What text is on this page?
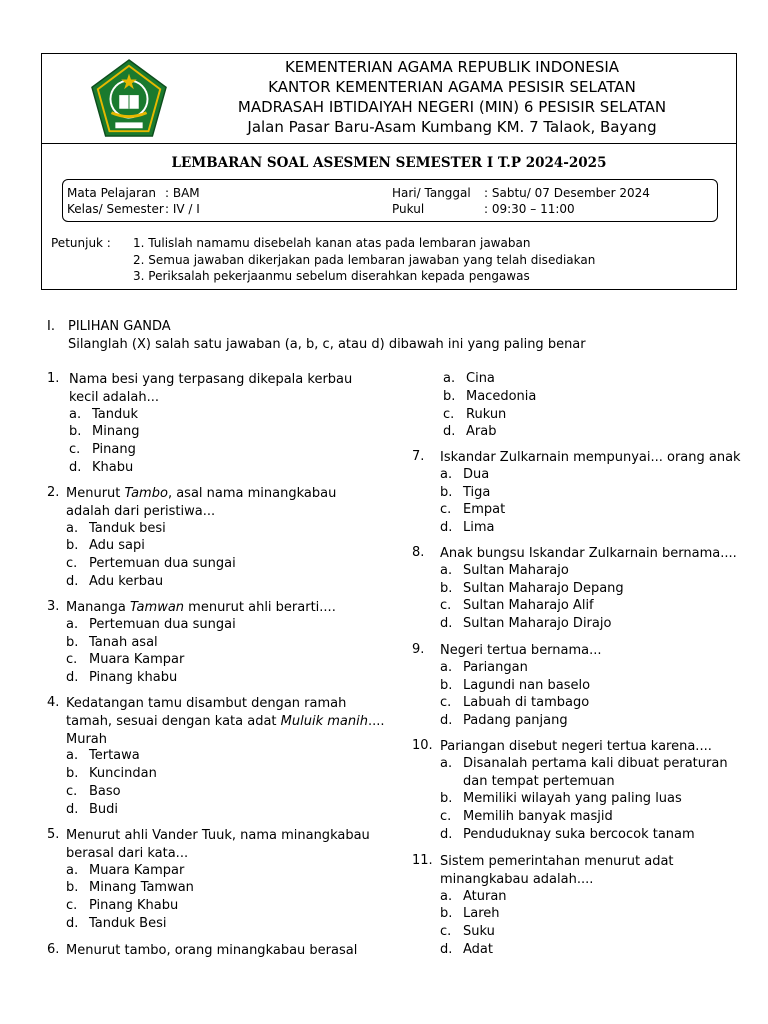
KEMENTERIAN AGAMA REPUBLIK INDONESIA
KANTOR KEMENTERIAN AGAMA PESISIR SELATAN
MADRASAH IBTIDAIYAH NEGERI (MIN) 6 PESISIR SELATAN
Jalan Pasar Baru-Asam Kumbang KM. 7 Talaok, Bayang
LEMBARAN SOAL ASESMEN SEMESTER I T.P 2024-2025
Mata Pelajaran : BAM
Kelas/ Semester : IV / I
Hari/ Tanggal : Sabtu/ 07 Desember 2024
Pukul	: 09:30 – 11:00
Petunjuk :	1. Tulislah namamu disebelah kanan atas pada lembaran jawaban
2. Semua jawaban dikerjakan pada lembaran jawaban yang telah disediakan
3. Periksalah pekerjaanmu sebelum diserahkan kepada pengawas
I. PILIHAN GANDA
Silanglah (X) salah satu jawaban (a, b, c, atau d) dibawah ini yang paling benar
1. Nama besi yang terpasang dikepala kerbau
kecil adalah...
a. Tanduk
b. Minang
c. Pinang
d. Khabu
2. Menurut Tambo, asal nama minangkabau
adalah dari peristiwa...
a. Tanduk besi
b. Adu sapi
c. Pertemuan dua sungai
d. Adu kerbau
3. Mananga Tamwan menurut ahli berarti....
a. Pertemuan dua sungai
b. Tanah asal
c. Muara Kampar
d. Pinang khabu
4. Kedatangan tamu disambut dengan ramah
tamah, sesuai dengan kata adat Muluik manih....
Murah
a. Tertawa
b. Kuncindan
c. Baso
d. Budi
5. Menurut ahli Vander Tuuk, nama minangkabau
berasal dari kata...
a. Muara Kampar
b. Minang Tamwan
c. Pinang Khabu
d. Tanduk Besi
6. Menurut tambo, orang minangkabau berasal
a. Cina
b. Macedonia
c. Rukun
d. Arab
7. Iskandar Zulkarnain mempunyai... orang anak
a. Dua
b. Tiga
c. Empat
d. Lima
8. Anak bungsu Iskandar Zulkarnain bernama....
a. Sultan Maharajo
b. Sultan Maharajo Depang
c. Sultan Maharajo Alif
d. Sultan Maharajo Dirajo
9. Negeri tertua bernama...
a. Pariangan
b. Lagundi nan baselo
c. Labuah di tambago
d. Padang panjang
10. Pariangan disebut negeri tertua karena....
a. Disanalah pertama kali dibuat peraturan
dan tempat pertemuan
b. Memiliki wilayah yang paling luas
c. Memilih banyak masjid
d. Penduduknay suka bercocok tanam
11. Sistem pemerintahan menurut adat
minangkabau adalah....
a. Aturan
b. Lareh
c. Suku
d. Adat
